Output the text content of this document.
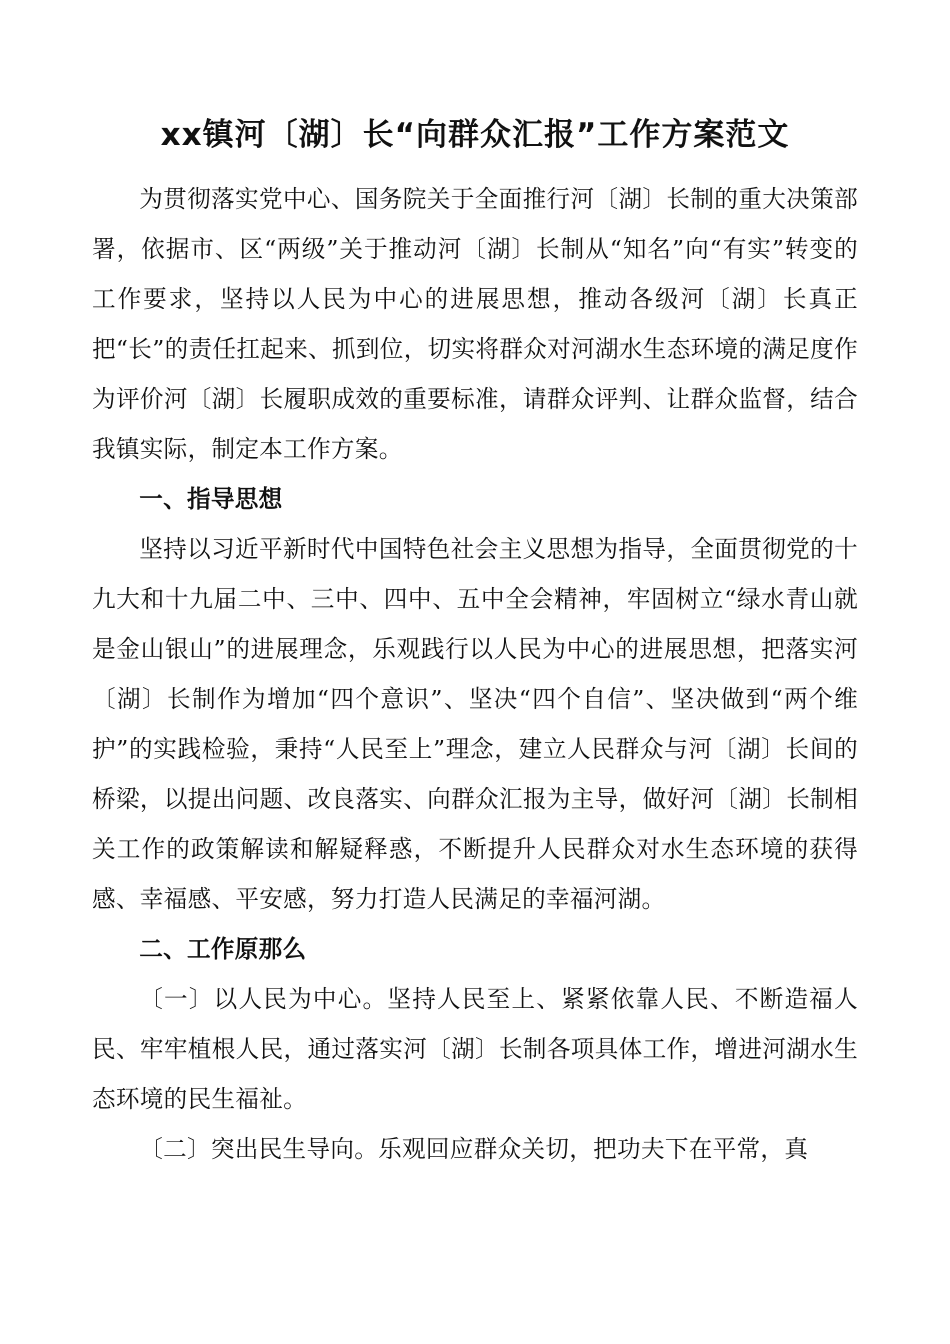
xx镇河〔湖〕长“向群众汇报”工作方案范文

为贯彻落实党中心、国务院关于全面推行河〔湖〕长制的重大决策部署，依据市、区“两级”关于推动河〔湖〕长制从“知名”向“有实”转变的工作要求，坚持以人民为中心的进展思想，推动各级河〔湖〕长真正把“长”的责任扛起来、抓到位，切实将群众对河湖水生态环境的满足度作为评价河〔湖〕长履职成效的重要标准，请群众评判、让群众监督，结合我镇实际，制定本工作方案。

一、指导思想

坚持以习近平新时代中国特色社会主义思想为指导，全面贯彻党的十九大和十九届二中、三中、四中、五中全会精神，牢固树立“绿水青山就是金山银山”的进展理念，乐观践行以人民为中心的进展思想，把落实河〔湖〕长制作为增加“四个意识”、坚决“四个自信”、坚决做到“两个维护”的实践检验，秉持“人民至上”理念，建立人民群众与河〔湖〕长间的桥梁，以提出问题、改良落实、向群众汇报为主导，做好河〔湖〕长制相关工作的政策解读和解疑释惑，不断提升人民群众对水生态环境的获得感、幸福感、平安感，努力打造人民满足的幸福河湖。

二、工作原那么

〔一〕以人民为中心。坚持人民至上、紧紧依靠人民、不断造福人民、牢牢植根人民，通过落实河〔湖〕长制各项具体工作，增进河湖水生态环境的民生福祉。

〔二〕突出民生导向。乐观回应群众关切，把功夫下在平常，真
